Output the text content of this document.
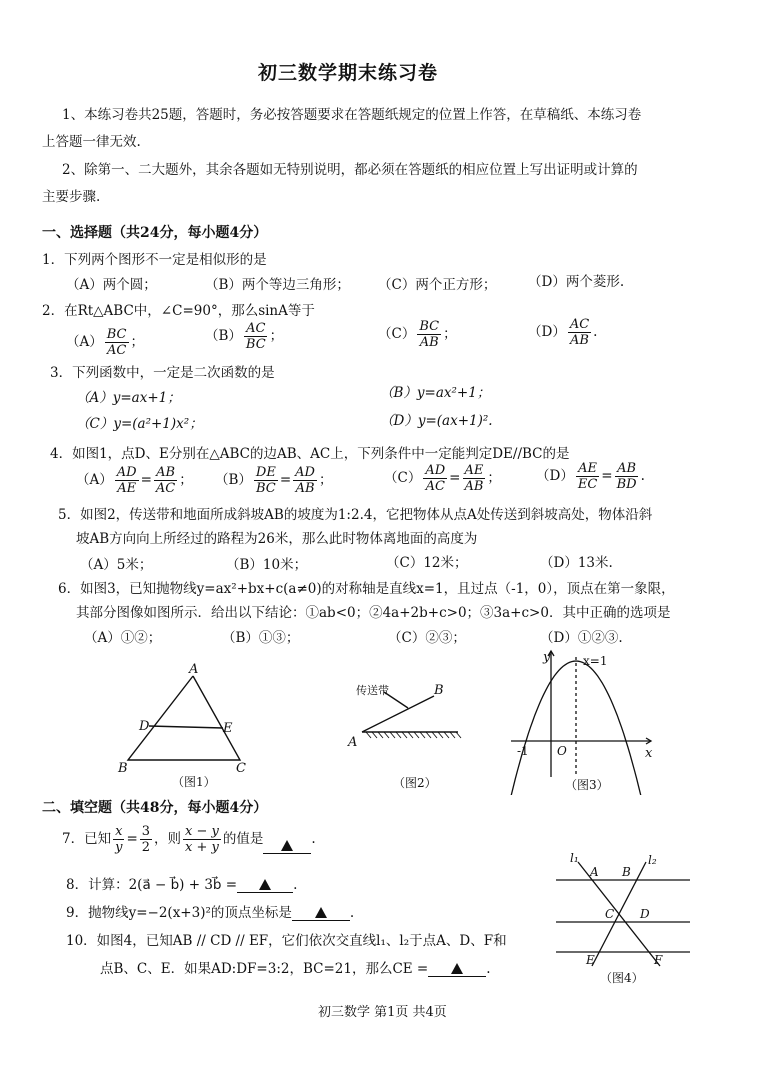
初三数学期末练习卷
1、本练习卷共25题，答题时，务必按答题要求在答题纸规定的位置上作答，在草稿纸、本练习卷
上答题一律无效.
2、除第一、二大题外，其余各题如无特别说明，都必须在答题纸的相应位置上写出证明或计算的
主要步骤.
一、选择题（共24分，每小题4分）
1．下列两个图形不一定是相似形的是
（A）两个圆；	（B）两个等边三角形； （C）两个正方形； （D）两个菱形.
2．在Rt△ABC中，∠C=90°，那么sinA等于
$(A) \frac{BC}{AC}$ ；	$(B) \frac{AC}{BC}$ ；	$(C) \frac{BC}{AB}$ ；	$(D) \frac{AC}{AB}$ .
3．下列函数中，一定是二次函数的是
（A）y=ax+1；	（B）y=ax²+1；
（C）y=(a²+1)x²；	（D）y=(ax+1)².
4．如图1，点D、E分别在△ABC的边AB、AC上，下列条件中一定能判定DE//BC的是
$(A) \frac{AD}{AE} = \frac{AB}{AC}$ ； $(B) \frac{DE}{BC} = \frac{AD}{AB}$ ；	$(C) \frac{AD}{AC} = \frac{AE}{AB}$ ；	$(D) \frac{AE}{EC} = \frac{AB}{BD}$ .
5．如图2，传送带和地面所成斜坡AB的坡度为1:2.4，它把物体从点A处传送到斜坡高处，物体沿斜
坡AB方向向上所经过的路程为26米，那么此时物体离地面的高度为
（A）5米；	（B）10米；	（C）12米；	（D）13米.
6．如图3，已知抛物线y=ax²+bx+c(a≠0)的对称轴是直线x=1，且过点（-1，0），顶点在第一象限，
其部分图像如图所示．给出以下结论：①ab<0；②4a+2b+c>0；③3a+c>0．其中正确的选项是
（A）①②；	（B）①③；	（C）②③；	（D）①②③.
A
D	E
B	C
（图1）
传送带	B
A
（图2）
y
x
x=1
-1 O
（图3）
二、填空题（共48分，每小题4分）
7．已知 $\frac{x}{y} = \frac{3}{2}$ ，则 $\frac{x - y}{x + y}$ 的值是	.
8．计算：2(a⃗ − b⃗) + 3b⃗ =	.
9．抛物线y=−2(x+3)²的顶点坐标是	.
10．如图4，已知AB // CD // EF，它们依次交直线l₁、l₂于点A、D、F和
点B、C、E．如果AD:DF=3:2，BC=21，那么CE =	.
l₁	l₂
A B
C D
E	F
（图4）
初三数学 第1页 共4页
